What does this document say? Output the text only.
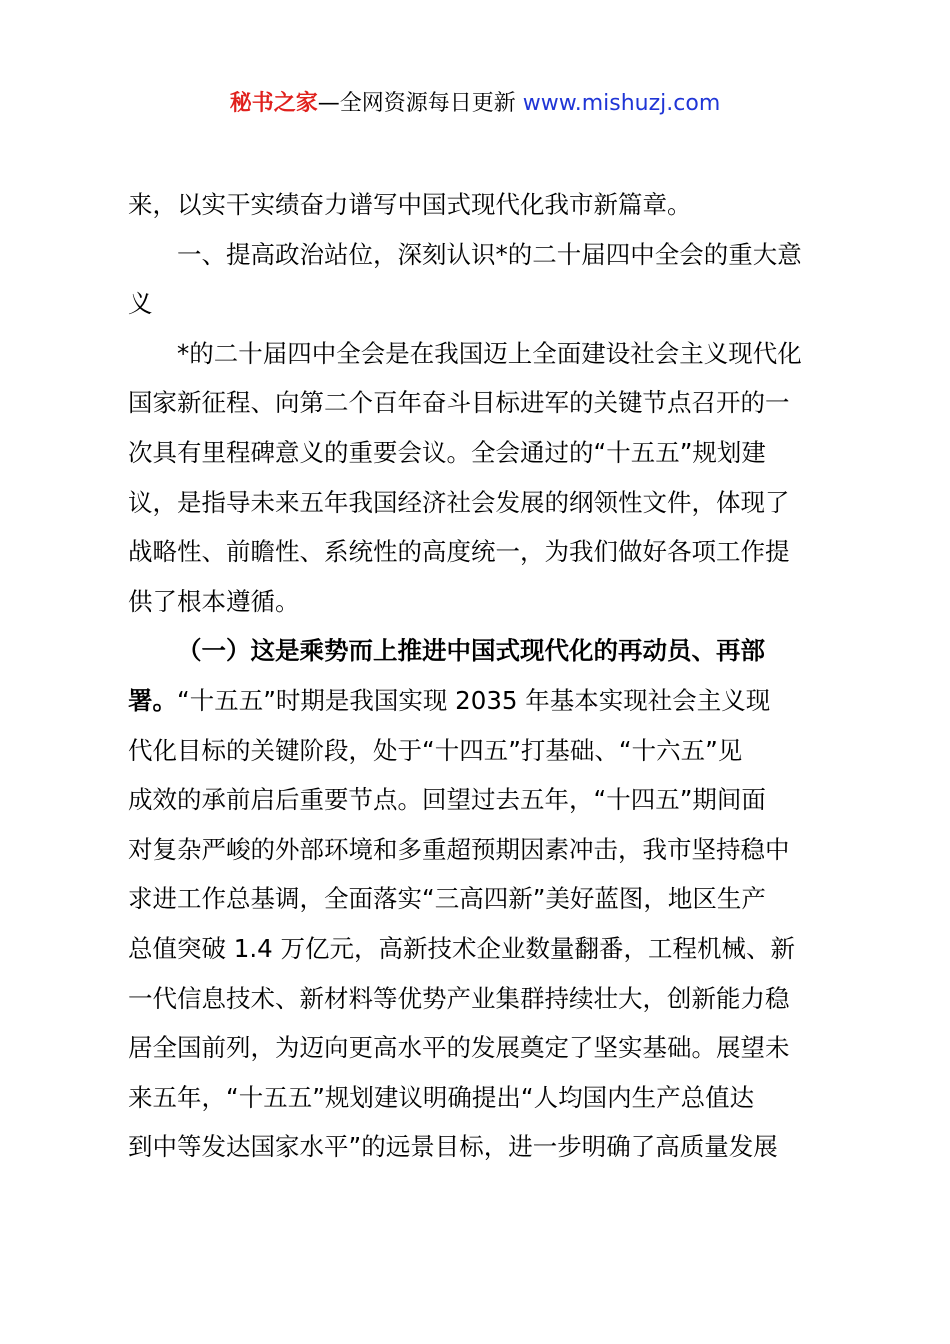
秘书之家—全网资源每日更新 www.mishuzj.com
来，以实干实绩奋力谱写中国式现代化我市新篇章。
一、提高政治站位，深刻认识*的二十届四中全会的重大意
义
*的二十届四中全会是在我国迈上全面建设社会主义现代化
国家新征程、向第二个百年奋斗目标进军的关键节点召开的一
次具有里程碑意义的重要会议。全会通过的“十五五”规划建
议，是指导未来五年我国经济社会发展的纲领性文件，体现了
战略性、前瞻性、系统性的高度统一，为我们做好各项工作提
供了根本遵循。
（一）这是乘势而上推进中国式现代化的再动员、再部
署。“十五五”时期是我国实现 2035 年基本实现社会主义现
代化目标的关键阶段，处于“十四五”打基础、“十六五”见
成效的承前启后重要节点。回望过去五年，“十四五”期间面
对复杂严峻的外部环境和多重超预期因素冲击，我市坚持稳中
求进工作总基调，全面落实“三高四新”美好蓝图，地区生产
总值突破 1.4 万亿元，高新技术企业数量翻番，工程机械、新
一代信息技术、新材料等优势产业集群持续壮大，创新能力稳
居全国前列，为迈向更高水平的发展奠定了坚实基础。展望未
来五年，“十五五”规划建议明确提出“人均国内生产总值达
到中等发达国家水平”的远景目标，进一步明确了高质量发展
